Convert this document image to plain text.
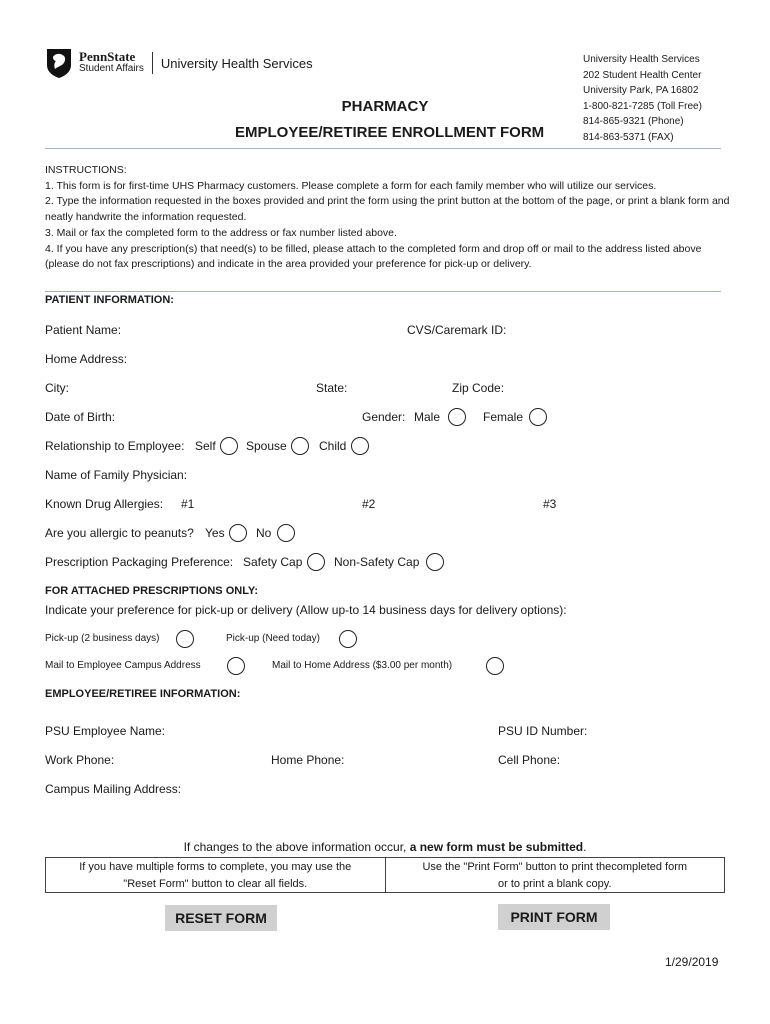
PennState
Student Affairs University Health Services	University Health Services
202 Student Health Center
University Park, PA 16802
1-800-821-7285 (Toll Free)
814-865-9321 (Phone)
814-863-5371 (FAX)
PHARMACY
EMPLOYEE/RETIREE ENROLLMENT FORM
INSTRUCTIONS:
1. This form is for first-time UHS Pharmacy customers. Please complete a form for each family member who will utilize our services.
2. Type the information requested in the boxes provided and print the form using the print button at the bottom of the page, or print a blank form and neatly handwrite the information requested.
3. Mail or fax the completed form to the address or fax number listed above.
4. If you have any prescription(s) that need(s) to be filled, please attach to the completed form and drop off or mail to the address listed above (please do not fax prescriptions) and indicate in the area provided your preference for pick-up or delivery.
PATIENT INFORMATION:
Patient Name:	CVS/Caremark ID:
Home Address:
City:	State:	Zip Code:
Date of Birth:	Gender: Male	Female
Relationship to Employee: Self	Spouse	Child
Name of Family Physician:
Known Drug Allergies: #1	#2	#3
Are you allergic to peanuts? Yes	No
Prescription Packaging Preference: Safety Cap	Non-Safety Cap
FOR ATTACHED PRESCRIPTIONS ONLY:
Indicate your preference for pick-up or delivery (Allow up-to 14 business days for delivery options):
Pick-up (2 business days)	Pick-up (Need today)
Mail to Employee Campus Address	Mail to Home Address ($3.00 per month)
EMPLOYEE/RETIREE INFORMATION:
PSU Employee Name:	PSU ID Number:
Work Phone:	Home Phone:	Cell Phone:
Campus Mailing Address:
If changes to the above information occur, a new form must be submitted.
If you have multiple forms to complete, you may use the
"Reset Form" button to clear all fields.
Use the "Print Form" button to print thecompleted form
or to print a blank copy.
RESET FORM	PRINT FORM
1/29/2019
